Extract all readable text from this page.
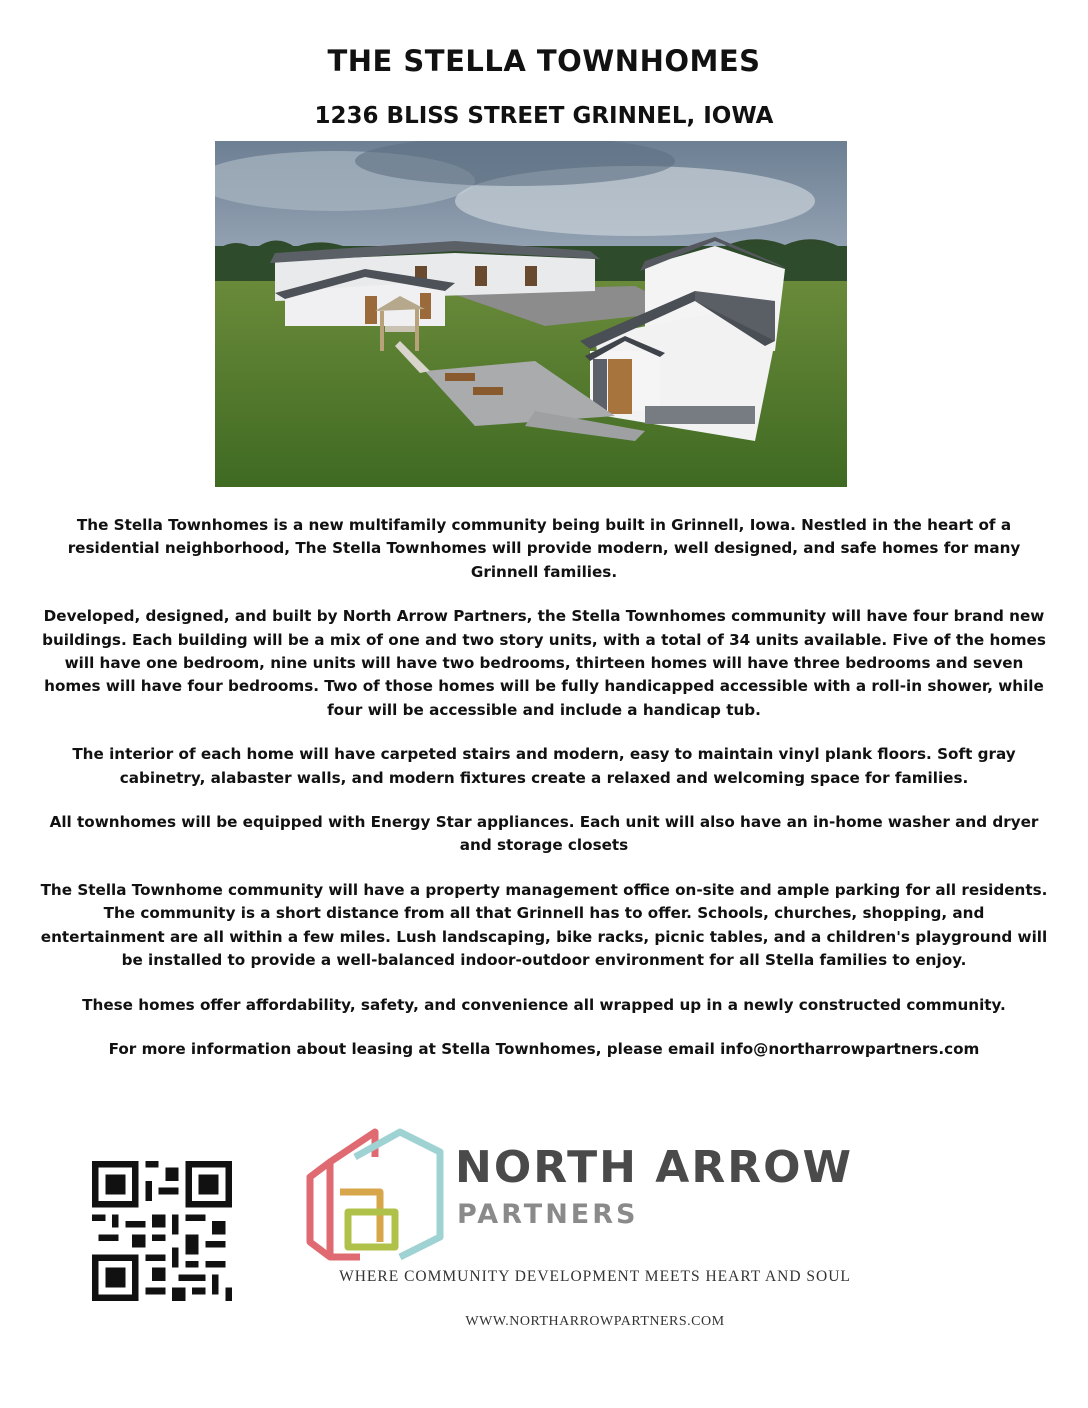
THE STELLA TOWNHOMES
1236 BLISS STREET GRINNEL, IOWA

The Stella Townhomes is a new multifamily community being built in Grinnell, Iowa. Nestled in the heart of a residential neighborhood, The Stella Townhomes will provide modern, well designed, and safe homes for many Grinnell families.

Developed, designed, and built by North Arrow Partners, the Stella Townhomes community will have four brand new buildings. Each building will be a mix of one and two story units, with a total of 34 units available. Five of the homes will have one bedroom, nine units will have two bedrooms, thirteen homes will have three bedrooms and seven homes will have four bedrooms. Two of those homes will be fully handicapped accessible with a roll-in shower, while four will be accessible and include a handicap tub.

The interior of each home will have carpeted stairs and modern, easy to maintain vinyl plank floors. Soft gray cabinetry, alabaster walls, and modern fixtures create a relaxed and welcoming space for families.

All townhomes will be equipped with Energy Star appliances. Each unit will also have an in-home washer and dryer and storage closets

The Stella Townhome community will have a property management office on-site and ample parking for all residents. The community is a short distance from all that Grinnell has to offer. Schools, churches, shopping, and entertainment are all within a few miles. Lush landscaping, bike racks, picnic tables, and a children's playground will be installed to provide a well-balanced indoor-outdoor environment for all Stella families to enjoy.

These homes offer affordability, safety, and convenience all wrapped up in a newly constructed community.

For more information about leasing at Stella Townhomes, please email info@northarrowpartners.com

NORTH ARROW
PARTNERS
WHERE COMMUNITY DEVELOPMENT MEETS HEART AND SOUL
WWW.NORTHARROWPARTNERS.COM
